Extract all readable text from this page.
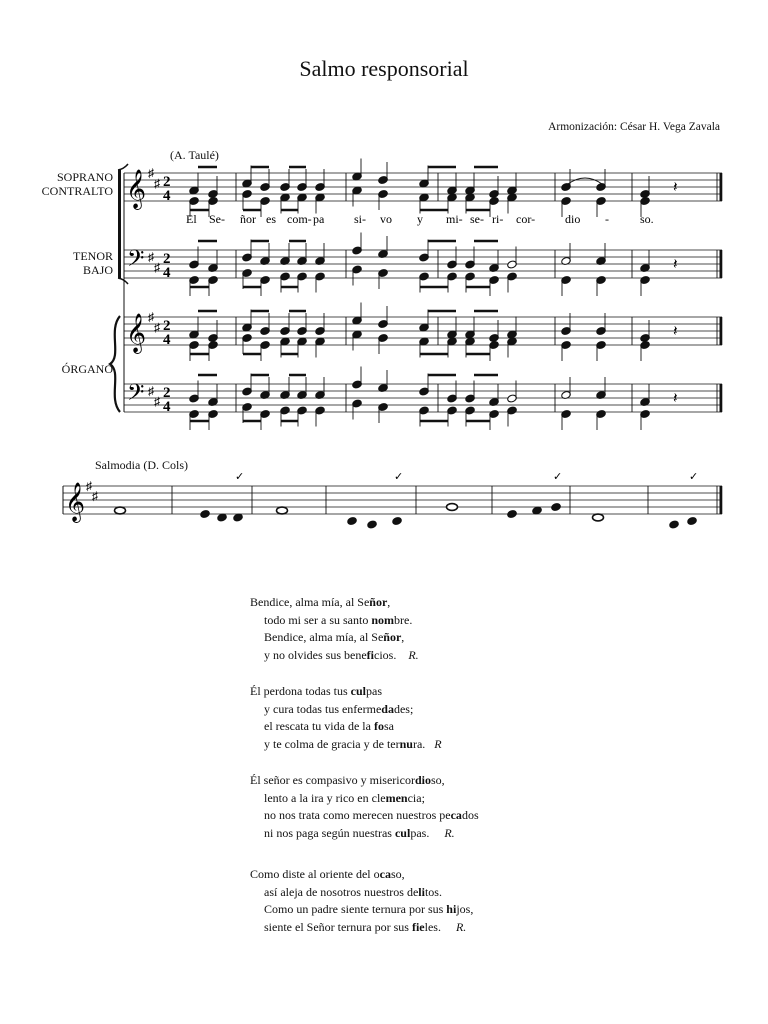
Salmo responsorial
Armonización: César H. Vega Zavala
(A. Taulé)
SOPRANO
CONTRALTO
TENOR
BAJO
ÓRGANO
Salmodia (D. Cols)
𝄞 ♯
♯ 2
4
𝄢 ♯
♯
2
4
𝄞 ♯
♯ 2
4
𝄢 ♯
♯
2
4
𝄞 ♯
♯
𝄽
𝄽
𝄽
𝄽
El Se- ñor es com- pa si- vo y mi- se- ri- cor- dio -	so.
✓	✓	✓	✓
Bendice, alma mía, al Señor,
todo mi ser a su santo nombre.
Bendice, alma mía, al Señor,
y no olvides sus beneficios.    R.
Él perdona todas tus culpas
y cura todas tus enfermedades;
el rescata tu vida de la fosa
y te colma de gracia y de ternura.   R
Él señor es compasivo y misericordioso,
lento a la ira y rico en clemencia;
no nos trata como merecen nuestros pecados
ni nos paga según nuestras culpas.     R.
Como diste al oriente del ocaso,
así aleja de nosotros nuestros delitos.
Como un padre siente ternura por sus hijos,
siente el Señor ternura por sus fieles.     R.
